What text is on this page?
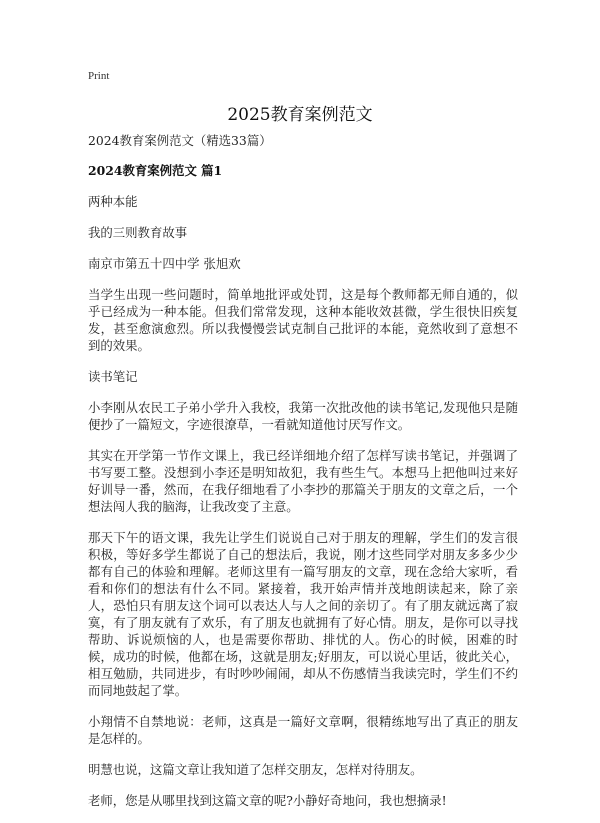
Print
2025教育案例范文

2024教育案例范文（精选33篇）

2024教育案例范文 篇1

两种本能

我的三则教育故事

南京市第五十四中学 张旭欢

当学生出现一些问题时，简单地批评或处罚，这是每个教师都无师自通的，似乎已经成为一种本能。但我们常常发现，这种本能收效甚微，学生很快旧疾复发，甚至愈演愈烈。所以我慢慢尝试克制自己批评的本能，竟然收到了意想不到的效果。

读书笔记

小李刚从农民工子弟小学升入我校，我第一次批改他的读书笔记,发现他只是随便抄了一篇短文，字迹很潦草，一看就知道他讨厌写作文。

其实在开学第一节作文课上，我已经详细地介绍了怎样写读书笔记，并强调了书写要工整。没想到小李还是明知故犯，我有些生气。本想马上把他叫过来好好训导一番，然而，在我仔细地看了小李抄的那篇关于朋友的文章之后，一个想法闯人我的脑海，让我改变了主意。

那天下午的语文课，我先让学生们说说自己对于朋友的理解，学生们的发言很积极，等好多学生都说了自己的想法后，我说，刚才这些同学对朋友多多少少都有自己的体验和理解。老师这里有一篇写朋友的文章，现在念给大家听，看看和你们的想法有什么不同。紧接着，我开始声情并茂地朗读起来，除了亲人，恐怕只有朋友这个词可以表达人与人之间的亲切了。有了朋友就远离了寂寞，有了朋友就有了欢乐，有了朋友也就拥有了好心情。朋友，是你可以寻找帮助、诉说烦恼的人，也是需要你帮助、排忧的人。伤心的时候，困难的时候，成功的时候，他都在场，这就是朋友;好朋友，可以说心里话，彼此关心，相互勉励，共同进步，有时吵吵闹闹，却从不伤感情当我读完时，学生们不约而同地鼓起了掌。

小翔情不自禁地说：老师，这真是一篇好文章啊，很精练地写出了真正的朋友是怎样的。

明慧也说，这篇文章让我知道了怎样交朋友，怎样对待朋友。

老师，您是从哪里找到这篇文章的呢?小静好奇地问，我也想摘录!
